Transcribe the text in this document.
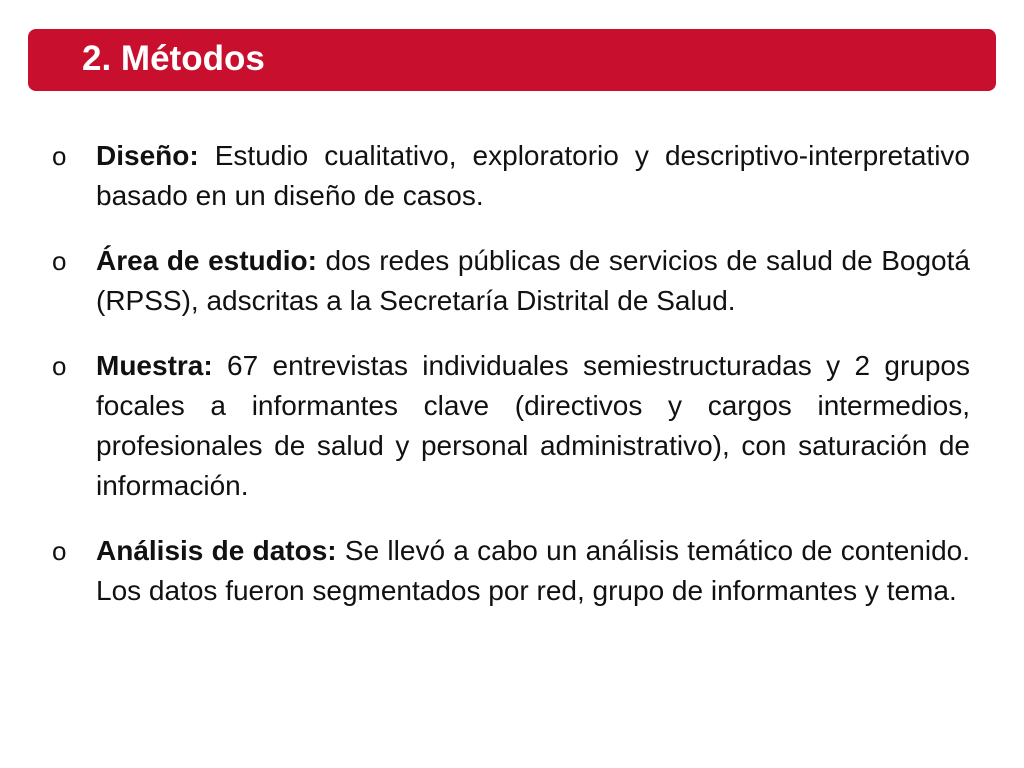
2. Métodos
o Diseño: Estudio cualitativo, exploratorio y descriptivo-interpretativo basado en un diseño de casos.
o Área de estudio: dos redes públicas de servicios de salud de Bogotá (RPSS), adscritas a la Secretaría Distrital de Salud.
o Muestra: 67 entrevistas individuales semiestructuradas y 2 grupos focales a informantes clave (directivos y cargos intermedios, profesionales de salud y personal administrativo), con saturación de información.
o Análisis de datos: Se llevó a cabo un análisis temático de contenido. Los datos fueron segmentados por red, grupo de informantes y tema.
